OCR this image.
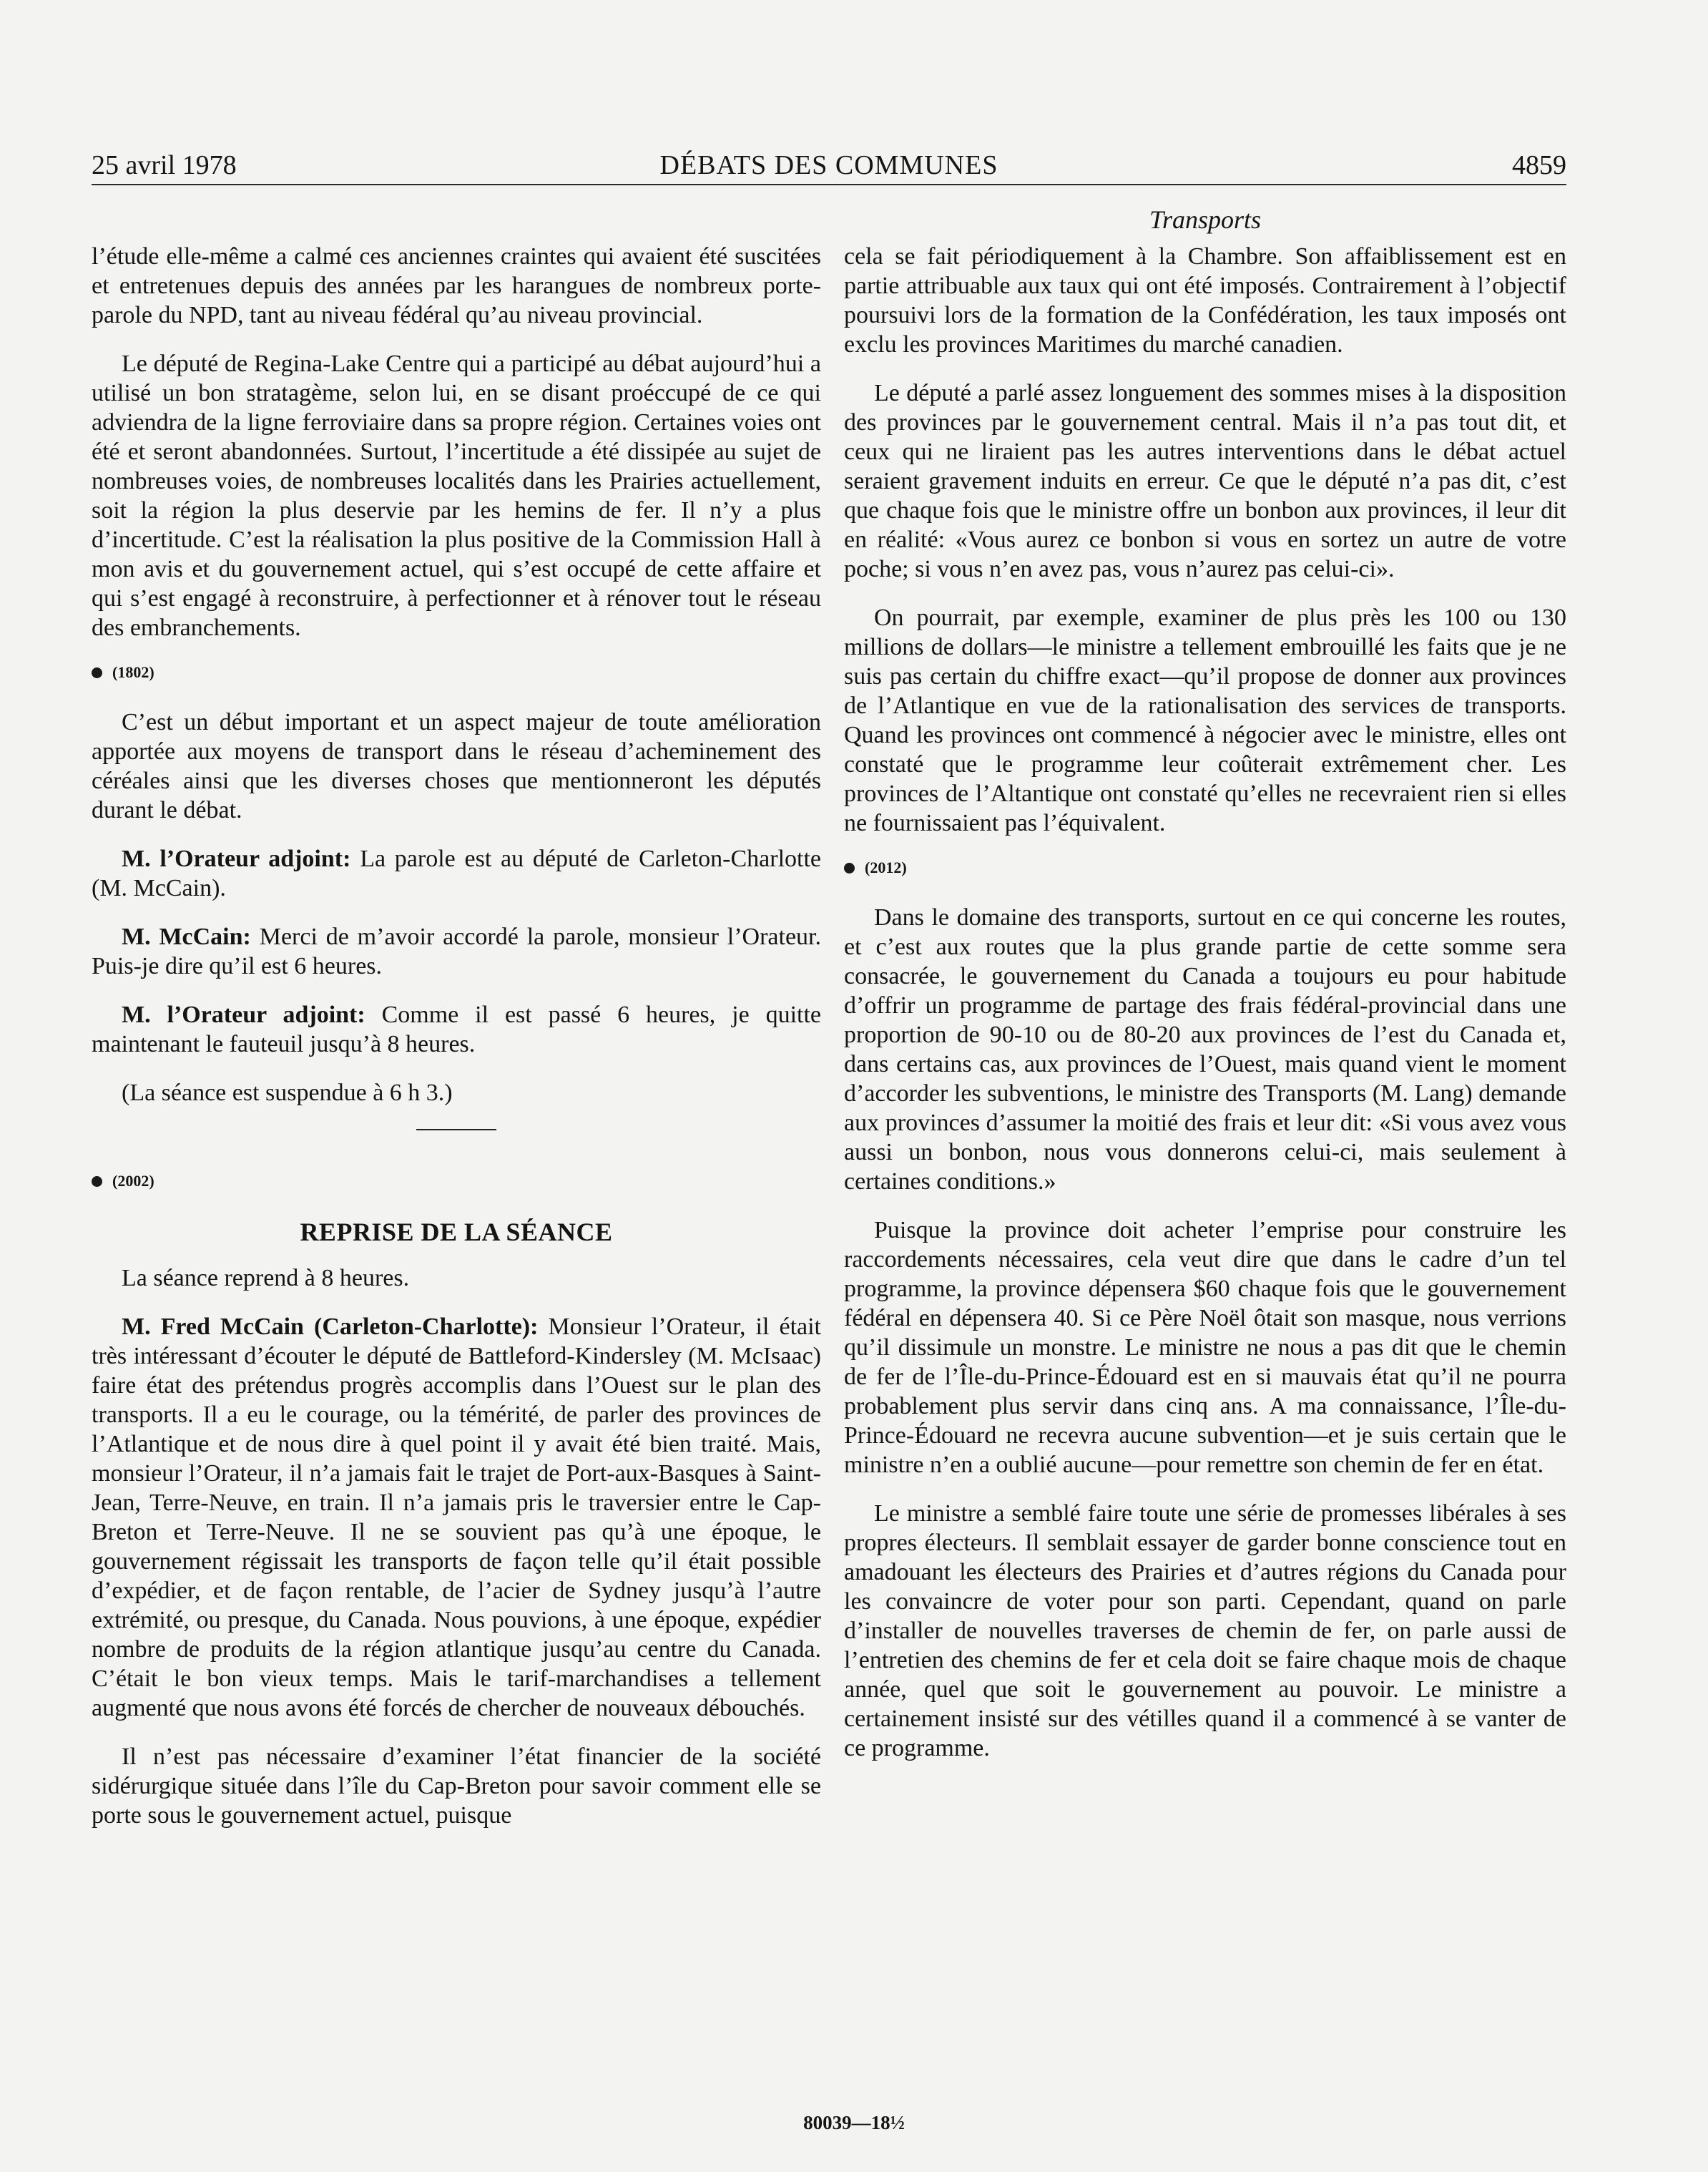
25 avril 1978	DÉBATS DES COMMUNES	4859
Transports

l’étude elle-même a calmé ces anciennes craintes qui avaient été suscitées et entretenues depuis des années par les harangues de nombreux porte-parole du NPD, tant au niveau fédéral qu’au niveau provincial.

Le député de Regina-Lake Centre qui a participé au débat aujourd’hui a utilisé un bon stratagème, selon lui, en se disant proéccupé de ce qui adviendra de la ligne ferroviaire dans sa propre région. Certaines voies ont été et seront abandonnées. Surtout, l’incertitude a été dissipée au sujet de nombreuses voies, de nombreuses localités dans les Prairies actuellement, soit la région la plus deservie par les hemins de fer. Il n’y a plus d’incertitude. C’est la réalisation la plus positive de la Commission Hall à mon avis et du gouvernement actuel, qui s’est occupé de cette affaire et qui s’est engagé à reconstruire, à perfectionner et à rénover tout le réseau des embranchements.

(1802)

C’est un début important et un aspect majeur de toute amélioration apportée aux moyens de transport dans le réseau d’acheminement des céréales ainsi que les diverses choses que mentionneront les députés durant le débat.

M. l’Orateur adjoint: La parole est au député de Carleton-Charlotte (M. McCain).

M. McCain: Merci de m’avoir accordé la parole, monsieur l’Orateur. Puis-je dire qu’il est 6 heures.

M. l’Orateur adjoint: Comme il est passé 6 heures, je quitte maintenant le fauteuil jusqu’à 8 heures.

(La séance est suspendue à 6 h 3.)

(2002)
REPRISE DE LA SÉANCE

La séance reprend à 8 heures.

M. Fred McCain (Carleton-Charlotte): Monsieur l’Orateur, il était très intéressant d’écouter le député de Battleford-Kindersley (M. McIsaac) faire état des prétendus progrès accomplis dans l’Ouest sur le plan des transports. Il a eu le courage, ou la témérité, de parler des provinces de l’Atlantique et de nous dire à quel point il y avait été bien traité. Mais, monsieur l’Orateur, il n’a jamais fait le trajet de Port-aux-Basques à Saint-Jean, Terre-Neuve, en train. Il n’a jamais pris le traversier entre le Cap-Breton et Terre-Neuve. Il ne se souvient pas qu’à une époque, le gouvernement régissait les transports de façon telle qu’il était possible d’expédier, et de façon rentable, de l’acier de Sydney jusqu’à l’autre extrémité, ou presque, du Canada. Nous pouvions, à une époque, expédier nombre de produits de la région atlantique jusqu’au centre du Canada. C’était le bon vieux temps. Mais le tarif-marchandises a tellement augmenté que nous avons été forcés de chercher de nouveaux débouchés.

Il n’est pas nécessaire d’examiner l’état financier de la société sidérurgique située dans l’île du Cap-Breton pour savoir comment elle se porte sous le gouvernement actuel, puisque

cela se fait périodiquement à la Chambre. Son affaiblissement est en partie attribuable aux taux qui ont été imposés. Contrairement à l’objectif poursuivi lors de la formation de la Confédération, les taux imposés ont exclu les provinces Maritimes du marché canadien.

Le député a parlé assez longuement des sommes mises à la disposition des provinces par le gouvernement central. Mais il n’a pas tout dit, et ceux qui ne liraient pas les autres interventions dans le débat actuel seraient gravement induits en erreur. Ce que le député n’a pas dit, c’est que chaque fois que le ministre offre un bonbon aux provinces, il leur dit en réalité: «Vous aurez ce bonbon si vous en sortez un autre de votre poche; si vous n’en avez pas, vous n’aurez pas celui-ci».

On pourrait, par exemple, examiner de plus près les 100 ou 130 millions de dollars—le ministre a tellement embrouillé les faits que je ne suis pas certain du chiffre exact—qu’il propose de donner aux provinces de l’Atlantique en vue de la rationalisation des services de transports. Quand les provinces ont commencé à négocier avec le ministre, elles ont constaté que le programme leur coûterait extrêmement cher. Les provinces de l’Altantique ont constaté qu’elles ne recevraient rien si elles ne fournissaient pas l’équivalent.

(2012)

Dans le domaine des transports, surtout en ce qui concerne les routes, et c’est aux routes que la plus grande partie de cette somme sera consacrée, le gouvernement du Canada a toujours eu pour habitude d’offrir un programme de partage des frais fédéral-provincial dans une proportion de 90-10 ou de 80-20 aux provinces de l’est du Canada et, dans certains cas, aux provinces de l’Ouest, mais quand vient le moment d’accorder les subventions, le ministre des Transports (M. Lang) demande aux provinces d’assumer la moitié des frais et leur dit: «Si vous avez vous aussi un bonbon, nous vous donnerons celui-ci, mais seulement à certaines conditions.»

Puisque la province doit acheter l’emprise pour construire les raccordements nécessaires, cela veut dire que dans le cadre d’un tel programme, la province dépensera $60 chaque fois que le gouvernement fédéral en dépensera 40. Si ce Père Noël ôtait son masque, nous verrions qu’il dissimule un monstre. Le ministre ne nous a pas dit que le chemin de fer de l’Île-du-Prince-Édouard est en si mauvais état qu’il ne pourra probablement plus servir dans cinq ans. A ma connaissance, l’Île-du-Prince-Édouard ne recevra aucune subvention—et je suis certain que le ministre n’en a oublié aucune—pour remettre son chemin de fer en état.

Le ministre a semblé faire toute une série de promesses libérales à ses propres électeurs. Il semblait essayer de garder bonne conscience tout en amadouant les électeurs des Prairies et d’autres régions du Canada pour les convaincre de voter pour son parti. Cependant, quand on parle d’installer de nouvelles traverses de chemin de fer, on parle aussi de l’entretien des chemins de fer et cela doit se faire chaque mois de chaque année, quel que soit le gouvernement au pouvoir. Le ministre a certainement insisté sur des vétilles quand il a commencé à se vanter de ce programme.

80039—18½
